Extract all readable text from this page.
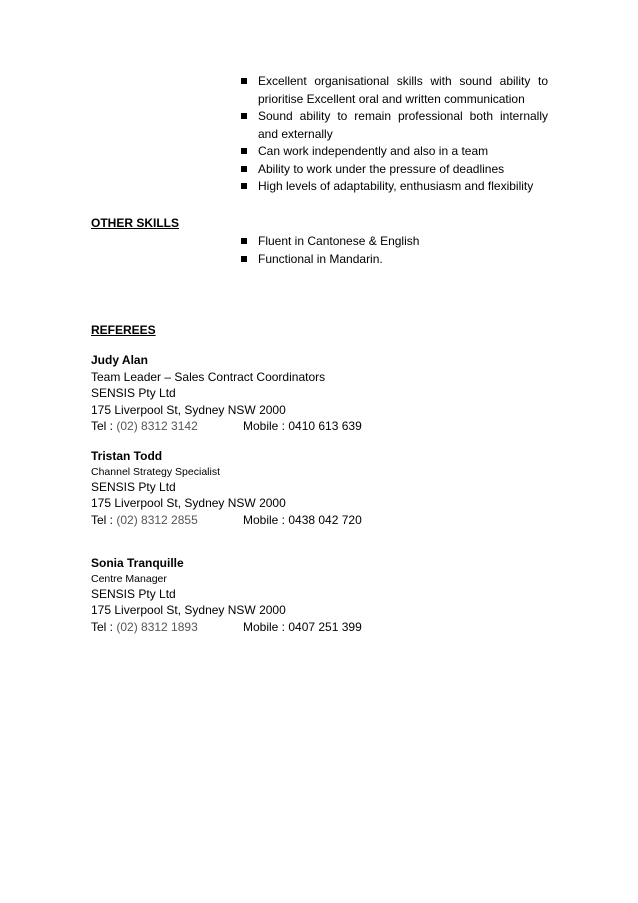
Excellent organisational skills with sound ability to prioritise Excellent oral and written communication
Sound ability to remain professional both internally and externally
Can work independently and also in a team
Ability to work under the pressure of deadlines
High levels of adaptability, enthusiasm and flexibility
OTHER SKILLS
Fluent in Cantonese & English
Functional in Mandarin.
REFEREES
Judy Alan
Team Leader – Sales Contract Coordinators
SENSIS Pty Ltd
175 Liverpool St, Sydney NSW 2000
Tel : (02) 8312 3142	Mobile : 0410 613 639
Tristan Todd
Channel Strategy Specialist
SENSIS Pty Ltd
175 Liverpool St, Sydney NSW 2000
Tel : (02) 8312 2855	Mobile : 0438 042 720
Sonia Tranquille
Centre Manager
SENSIS Pty Ltd
175 Liverpool St, Sydney NSW 2000
Tel : (02) 8312 1893	Mobile : 0407 251 399
